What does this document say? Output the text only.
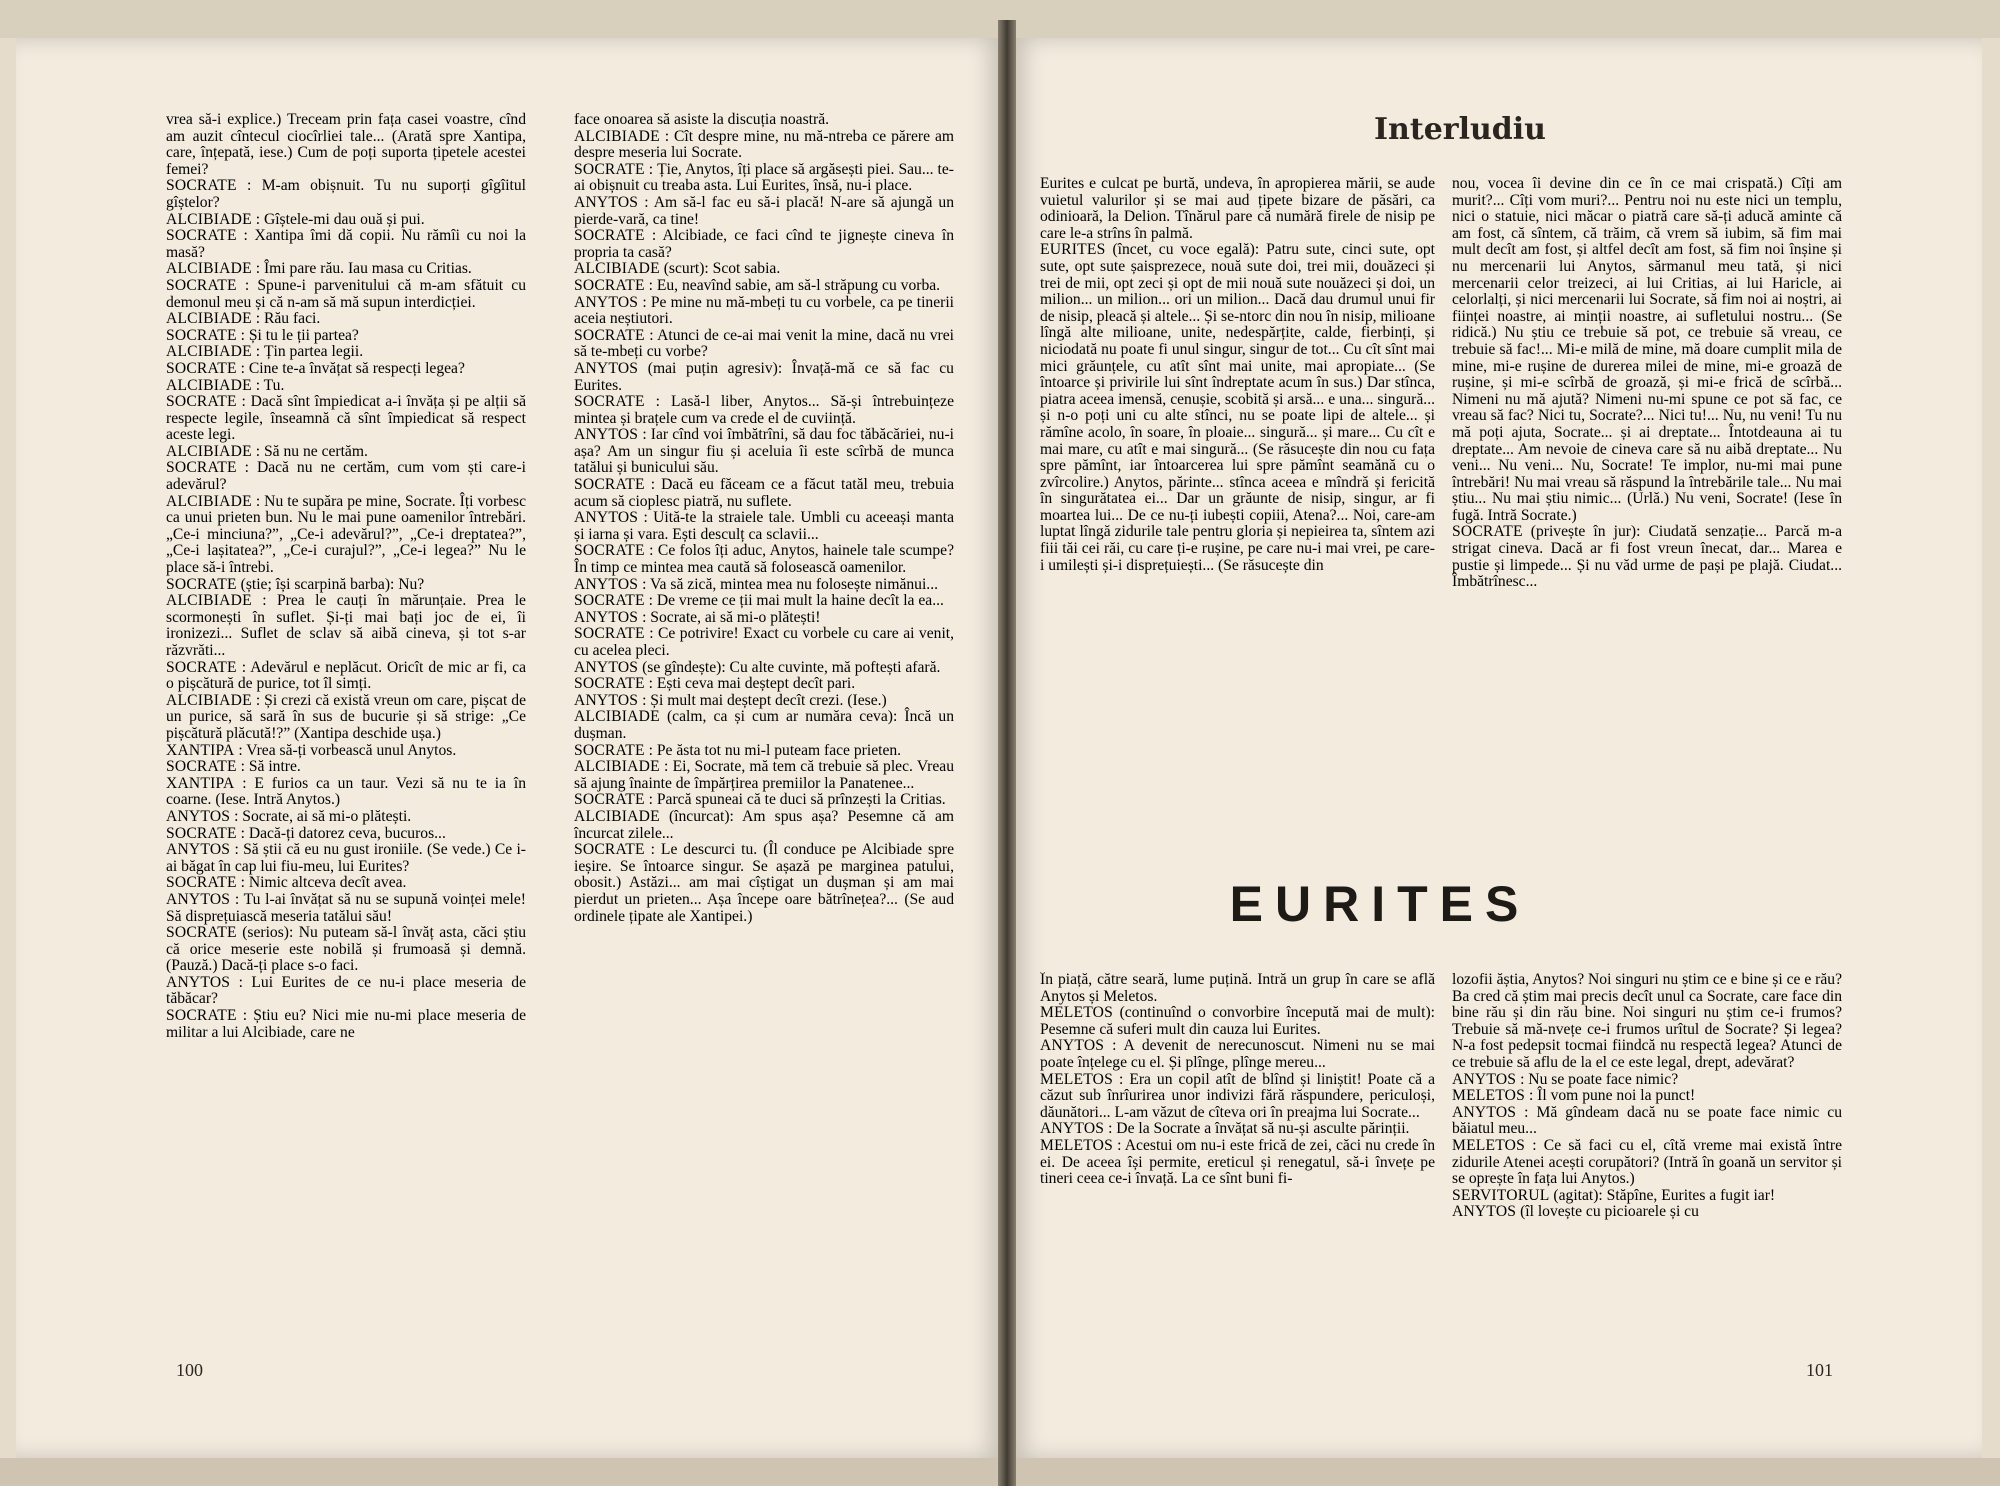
vrea să-i explice.) Treceam prin fața casei voastre, cînd am auzit cîntecul ciocîrliei tale... (Arată spre Xantipa, care, înțepată, iese.) Cum de poți suporta țipetele acestei femei?

SOCRATE : M-am obișnuit. Tu nu suporți gîgîitul gîștelor?

ALCIBIADE : Gîștele-mi dau ouă și pui.

SOCRATE : Xantipa îmi dă copii. Nu rămîi cu noi la masă?

ALCIBIADE : Îmi pare rău. Iau masa cu Critias.

SOCRATE : Spune-i parvenitului că m-am sfătuit cu demonul meu și că n-am să mă supun interdicției.

ALCIBIADE : Rău faci.

SOCRATE : Și tu le ții partea?

ALCIBIADE : Țin partea legii.

SOCRATE : Cine te-a învățat să respecți legea?

ALCIBIADE : Tu.

SOCRATE : Dacă sînt împiedicat a-i învăța și pe alții să respecte legile, înseamnă că sînt împiedicat să respect aceste legi.

ALCIBIADE : Să nu ne certăm.

SOCRATE : Dacă nu ne certăm, cum vom ști care-i adevărul?

ALCIBIADE : Nu te supăra pe mine, Socrate. Îți vorbesc ca unui prieten bun. Nu le mai pune oamenilor întrebări. „Ce-i minciuna?”, „Ce-i adevărul?”, „Ce-i dreptatea?”, „Ce-i lașitatea?”, „Ce-i curajul?”, „Ce-i legea?” Nu le place să-i întrebi.

SOCRATE (știe; își scarpină barba): Nu?

ALCIBIADE : Prea le cauți în mărunțaie. Prea le scormonești în suflet. Și-ți mai bați joc de ei, îi ironizezi... Suflet de sclav să aibă cineva, și tot s-ar răzvrăti...

SOCRATE : Adevărul e neplăcut. Oricît de mic ar fi, ca o pișcătură de purice, tot îl simți.

ALCIBIADE : Și crezi că există vreun om care, pișcat de un purice, să sară în sus de bucurie și să strige: „Ce pișcătură plăcută!?” (Xantipa deschide ușa.)

XANTIPA : Vrea să-ți vorbească unul Anytos.

SOCRATE : Să intre.

XANTIPA : E furios ca un taur. Vezi să nu te ia în coarne. (Iese. Intră Anytos.)

ANYTOS : Socrate, ai să mi-o plătești.

SOCRATE : Dacă-ți datorez ceva, bucuros...

ANYTOS : Să știi că eu nu gust ironiile. (Se vede.) Ce i-ai băgat în cap lui fiu-meu, lui Eurites?

SOCRATE : Nimic altceva decît avea.

ANYTOS : Tu l-ai învățat să nu se supună voinței mele! Să disprețuiască meseria tatălui său!

SOCRATE (serios): Nu puteam să-l învăț asta, căci știu că orice meserie este nobilă și frumoasă și demnă. (Pauză.) Dacă-ți place s-o faci.

ANYTOS : Lui Eurites de ce nu-i place meseria de tăbăcar?

SOCRATE : Știu eu? Nici mie nu-mi place meseria de militar a lui Alcibiade, care ne

face onoarea să asiste la discuția noastră.

ALCIBIADE : Cît despre mine, nu mă-ntreba ce părere am despre meseria lui Socrate.

SOCRATE : Ție, Anytos, îți place să argăsești piei. Sau... te-ai obișnuit cu treaba asta. Lui Eurites, însă, nu-i place.

ANYTOS : Am să-l fac eu să-i placă! N-are să ajungă un pierde-vară, ca tine!

SOCRATE : Alcibiade, ce faci cînd te jignește cineva în propria ta casă?

ALCIBIADE (scurt): Scot sabia.

SOCRATE : Eu, neavînd sabie, am să-l străpung cu vorba.

ANYTOS : Pe mine nu mă-mbeți tu cu vorbele, ca pe tinerii aceia neștiutori.

SOCRATE : Atunci de ce-ai mai venit la mine, dacă nu vrei să te-mbeți cu vorbe?

ANYTOS (mai puțin agresiv): Învață-mă ce să fac cu Eurites.

SOCRATE : Lasă-l liber, Anytos... Să-și întrebuințeze mintea și brațele cum va crede el de cuviință.

ANYTOS : Iar cînd voi îmbătrîni, să dau foc tăbăcăriei, nu-i așa? Am un singur fiu și aceluia îi este scîrbă de munca tatălui și bunicului său.

SOCRATE : Dacă eu făceam ce a făcut tatăl meu, trebuia acum să cioplesc piatră, nu suflete.

ANYTOS : Uită-te la straiele tale. Umbli cu aceeași manta și iarna și vara. Ești desculț ca sclavii...

SOCRATE : Ce folos îți aduc, Anytos, hainele tale scumpe? În timp ce mintea mea caută să folosească oamenilor.

ANYTOS : Va să zică, mintea mea nu folosește nimănui...

SOCRATE : De vreme ce ții mai mult la haine decît la ea...

ANYTOS : Socrate, ai să mi-o plătești!

SOCRATE : Ce potrivire! Exact cu vorbele cu care ai venit, cu acelea pleci.

ANYTOS (se gîndește): Cu alte cuvinte, mă poftești afară.

SOCRATE : Ești ceva mai deștept decît pari.

ANYTOS : Și mult mai deștept decît crezi. (Iese.)

ALCIBIADE (calm, ca și cum ar număra ceva): Încă un dușman.

SOCRATE : Pe ăsta tot nu mi-l puteam face prieten.

ALCIBIADE : Ei, Socrate, mă tem că trebuie să plec. Vreau să ajung înainte de împărțirea premiilor la Panatenee...

SOCRATE : Parcă spuneai că te duci să prînzești la Critias.

ALCIBIADE (încurcat): Am spus așa? Pesemne că am încurcat zilele...

SOCRATE : Le descurci tu. (Îl conduce pe Alcibiade spre ieșire. Se întoarce singur. Se așază pe marginea patului, obosit.) Astăzi... am mai cîștigat un dușman și am mai pierdut un prieten... Așa începe oare bătrînețea?... (Se aud ordinele țipate ale Xantipei.)

Interludiu

Eurites e culcat pe burtă, undeva, în apropierea mării, se aude vuietul valurilor și se mai aud țipete bizare de păsări, ca odinioară, la Delion. Tînărul pare că numără firele de nisip pe care le-a strîns în palmă.

EURITES (încet, cu voce egală): Patru sute, cinci sute, opt sute, opt sute șaisprezece, nouă sute doi, trei mii, douăzeci și trei de mii, opt zeci și opt de mii nouă sute nouăzeci și doi, un milion... un milion... ori un milion... Dacă dau drumul unui fir de nisip, pleacă și altele... Și se-ntorc din nou în nisip, milioane lîngă alte milioane, unite, nedespărțite, calde, fierbinți, și niciodată nu poate fi unul singur, singur de tot... Cu cît sînt mai mici grăunțele, cu atît sînt mai unite, mai apropiate... (Se întoarce și privirile lui sînt îndreptate acum în sus.) Dar stînca, piatra aceea imensă, cenușie, scobită și arsă... e una... singură... și n-o poți uni cu alte stînci, nu se poate lipi de altele... și rămîne acolo, în soare, în ploaie... singură... și mare... Cu cît e mai mare, cu atît e mai singură... (Se răsucește din nou cu fața spre pămînt, iar întoarcerea lui spre pămînt seamănă cu o zvîrcolire.) Anytos, părinte... stînca aceea e mîndră și fericită în singurătatea ei... Dar un grăunte de nisip, singur, ar fi moartea lui... De ce nu-ți iubești copiii, Atena?... Noi, care-am luptat lîngă zidurile tale pentru gloria și nepieirea ta, sîntem azi fiii tăi cei răi, cu care ți-e rușine, pe care nu-i mai vrei, pe care-i umilești și-i disprețuiești... (Se răsucește din

nou, vocea îi devine din ce în ce mai crispată.) Cîți am murit?... Cîți vom muri?... Pentru noi nu este nici un templu, nici o statuie, nici măcar o piatră care să-ți aducă aminte că am fost, că sîntem, că trăim, că vrem să iubim, să fim mai mult decît am fost, și altfel decît am fost, să fim noi înșine și nu mercenarii lui Anytos, sărmanul meu tată, și nici mercenarii celor treizeci, ai lui Critias, ai lui Haricle, ai celorlalți, și nici mercenarii lui Socrate, să fim noi ai noștri, ai ființei noastre, ai minții noastre, ai sufletului nostru... (Se ridică.) Nu știu ce trebuie să pot, ce trebuie să vreau, ce trebuie să fac!... Mi-e milă de mine, mă doare cumplit mila de mine, mi-e rușine de durerea milei de mine, mi-e groază de rușine, și mi-e scîrbă de groază, și mi-e frică de scîrbă... Nimeni nu mă ajută? Nimeni nu-mi spune ce pot să fac, ce vreau să fac? Nici tu, Socrate?... Nici tu!... Nu, nu veni! Tu nu mă poți ajuta, Socrate... și ai dreptate... Întotdeauna ai tu dreptate... Am nevoie de cineva care să nu aibă dreptate... Nu veni... Nu veni... Nu, Socrate! Te implor, nu-mi mai pune întrebări! Nu mai vreau să răspund la întrebările tale... Nu mai știu... Nu mai știu nimic... (Urlă.) Nu veni, Socrate! (Iese în fugă. Intră Socrate.)

SOCRATE (privește în jur): Ciudată senzație... Parcă m-a strigat cineva. Dacă ar fi fost vreun înecat, dar... Marea e pustie și limpede... Și nu văd urme de pași pe plajă. Ciudat... Îmbătrînesc...

EURITES

În piață, către seară, lume puțină. Intră un grup în care se află Anytos și Meletos.

MELETOS (continuînd o convorbire începută mai de mult): Pesemne că suferi mult din cauza lui Eurites.

ANYTOS : A devenit de nerecunoscut. Nimeni nu se mai poate înțelege cu el. Și plînge, plînge mereu...

MELETOS : Era un copil atît de blînd și liniștit! Poate că a căzut sub înrîurirea unor indivizi fără răspundere, periculoși, dăunători... L-am văzut de cîteva ori în preajma lui Socrate...

ANYTOS : De la Socrate a învățat să nu-și asculte părinții.

MELETOS : Acestui om nu-i este frică de zei, căci nu crede în ei. De aceea își permite, ereticul și renegatul, să-i învețe pe tineri ceea ce-i învață. La ce sînt buni fi-

lozofii ăștia, Anytos? Noi singuri nu știm ce e bine și ce e rău? Ba cred că știm mai precis decît unul ca Socrate, care face din bine rău și din rău bine. Noi singuri nu știm ce-i frumos? Trebuie să mă-nvețe ce-i frumos urîtul de Socrate? Și legea? N-a fost pedepsit tocmai fiindcă nu respectă legea? Atunci de ce trebuie să aflu de la el ce este legal, drept, adevărat?

ANYTOS : Nu se poate face nimic?

MELETOS : Îl vom pune noi la punct!

ANYTOS : Mă gîndeam dacă nu se poate face nimic cu băiatul meu...

MELETOS : Ce să faci cu el, cîtă vreme mai există între zidurile Atenei acești corupători? (Intră în goană un servitor și se oprește în fața lui Anytos.)

SERVITORUL (agitat): Stăpîne, Eurites a fugit iar!

ANYTOS (îl lovește cu picioarele și cu

100	101
